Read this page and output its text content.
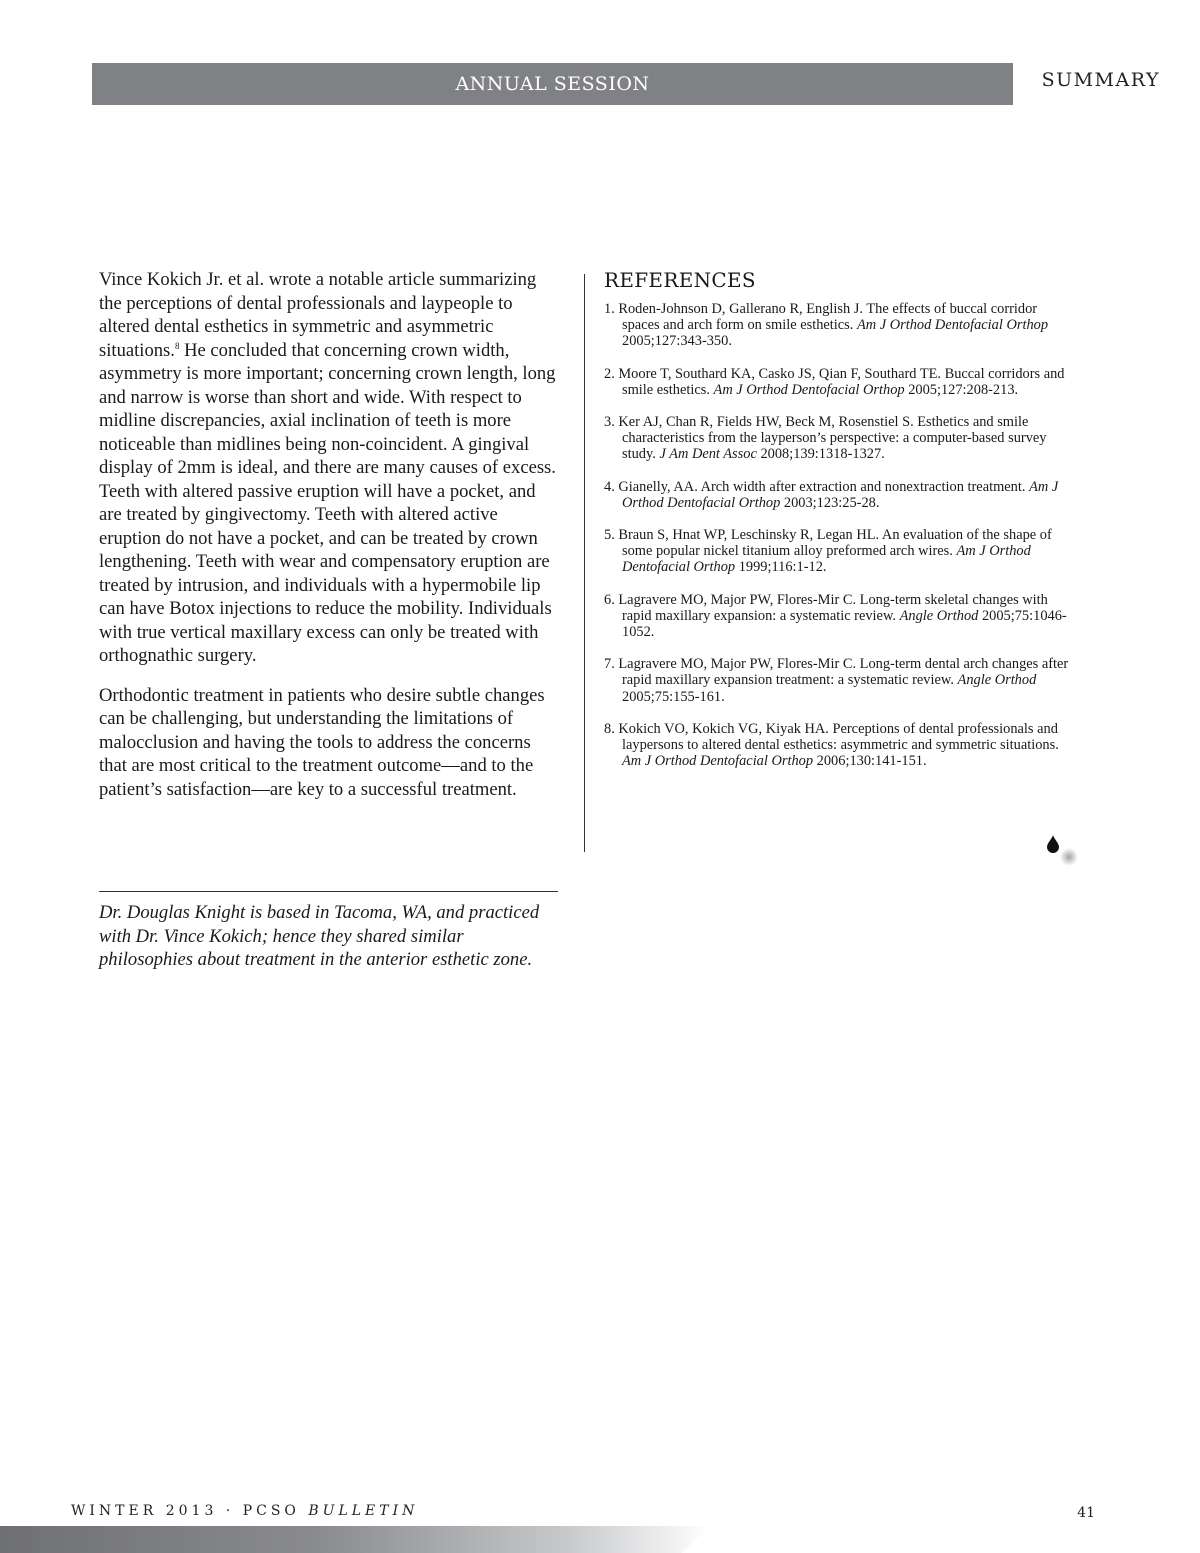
ANNUAL SESSION	SUMMARY

Vince Kokich Jr. et al. wrote a notable article summarizing the perceptions of dental professionals and laypeople to altered dental esthetics in symmetric and asymmetric situations.$^8$ He concluded that concerning crown width, asymmetry is more important; concerning crown length, long and narrow is worse than short and wide. With respect to midline discrepancies, axial inclination of teeth is more noticeable than midlines being non-coincident. A gingival display of 2mm is ideal, and there are many causes of excess. Teeth with altered passive eruption will have a pocket, and are treated by gingivectomy. Teeth with altered active eruption do not have a pocket, and can be treated by crown lengthening. Teeth with wear and compensatory eruption are treated by intrusion, and individuals with a hypermobile lip can have Botox injections to reduce the mobility. Individuals with true vertical maxillary excess can only be treated with orthognathic surgery.

Orthodontic treatment in patients who desire subtle changes can be challenging, but understanding the limitations of malocclusion and having the tools to address the concerns that are most critical to the treatment outcome—and to the patient’s satisfaction—are key to a successful treatment.

Dr. Douglas Knight is based in Tacoma, WA, and practiced with Dr. Vince Kokich; hence they shared similar philosophies about treatment in the anterior esthetic zone.
REFERENCES

1. Roden-Johnson D, Gallerano R, English J. The effects of buccal corridor spaces and arch form on smile esthetics. Am J Orthod Dentofacial Orthop 2005;127:343-350.

2. Moore T, Southard KA, Casko JS, Qian F, Southard TE. Buccal corridors and smile esthetics. Am J Orthod Dentofacial Orthop 2005;127:208-213.

3. Ker AJ, Chan R, Fields HW, Beck M, Rosenstiel S. Esthetics and smile characteristics from the layperson’s perspective: a computer-based survey study. J Am Dent Assoc 2008;139:1318-1327.

4. Gianelly, AA. Arch width after extraction and nonextraction treatment. Am J Orthod Dentofacial Orthop 2003;123:25-28.

5. Braun S, Hnat WP, Leschinsky R, Legan HL. An evaluation of the shape of some popular nickel titanium alloy preformed arch wires. Am J Orthod Dentofacial Orthop 1999;116:1-12.

6. Lagravere MO, Major PW, Flores-Mir C. Long-term skeletal changes with rapid maxillary expansion: a systematic review. Angle Orthod 2005;75:1046-1052.

7. Lagravere MO, Major PW, Flores-Mir C. Long-term dental arch changes after rapid maxillary expansion treatment: a systematic review. Angle Orthod 2005;75:155-161.

8. Kokich VO, Kokich VG, Kiyak HA. Perceptions of dental professionals and laypersons to altered dental esthetics: asymmetric and symmetric situations. Am J Orthod Dentofacial Orthop 2006;130:141-151.

WINTER 2013 · PCSO BULLETIN	41
